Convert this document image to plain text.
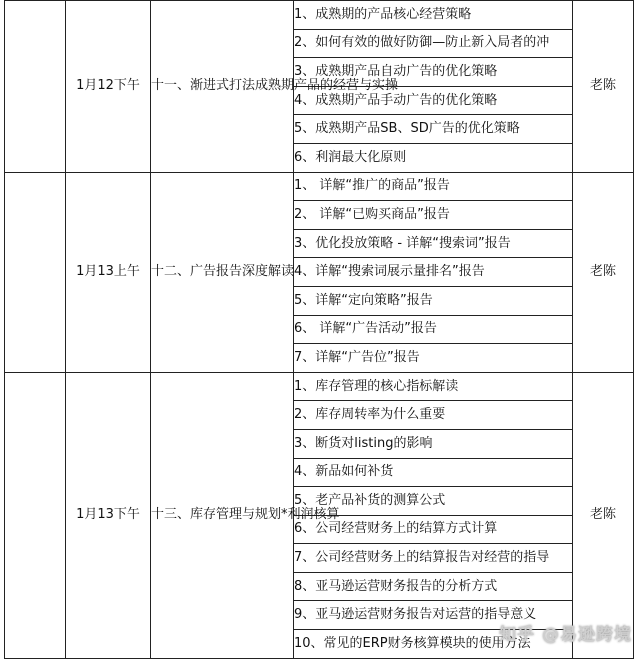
	1月12下午	十一、渐进式打法成熟期产品的经营与实操	1、成熟期的产品核心经营策略	老陈
			2、如何有效的做好防御—防止新入局者的冲	
			3、成熟期产品自动广告的优化策略	
			4、成熟期产品手动广告的优化策略	
			5、成熟期产品SB、SD广告的优化策略	
			6、利润最大化原则	
	1月13上午	十二、广告报告深度解读	1、 详解“推广的商品”报告	老陈
			2、 详解“已购买商品”报告	
			3、优化投放策略 - 详解“搜索词”报告	
			4、详解“搜索词展示量排名”报告	
			5、详解“定向策略”报告	
			6、 详解“广告活动”报告	
			7、详解“广告位”报告	
	1月13下午	十三、库存管理与规划*利润核算	1、库存管理的核心指标解读	老陈
			2、库存周转率为什么重要	
			3、断货对listing的影响	
			4、新品如何补货	
			5、老产品补货的测算公式	
			6、公司经营财务上的结算方式计算	
			7、公司经营财务上的结算报告对经营的指导	
			8、亚马逊运营财务报告的分析方式	
			9、亚马逊运营财务报告对运营的指导意义	
			10、常见的ERP财务核算模块的使用方法	
知乎 @易逊跨境
